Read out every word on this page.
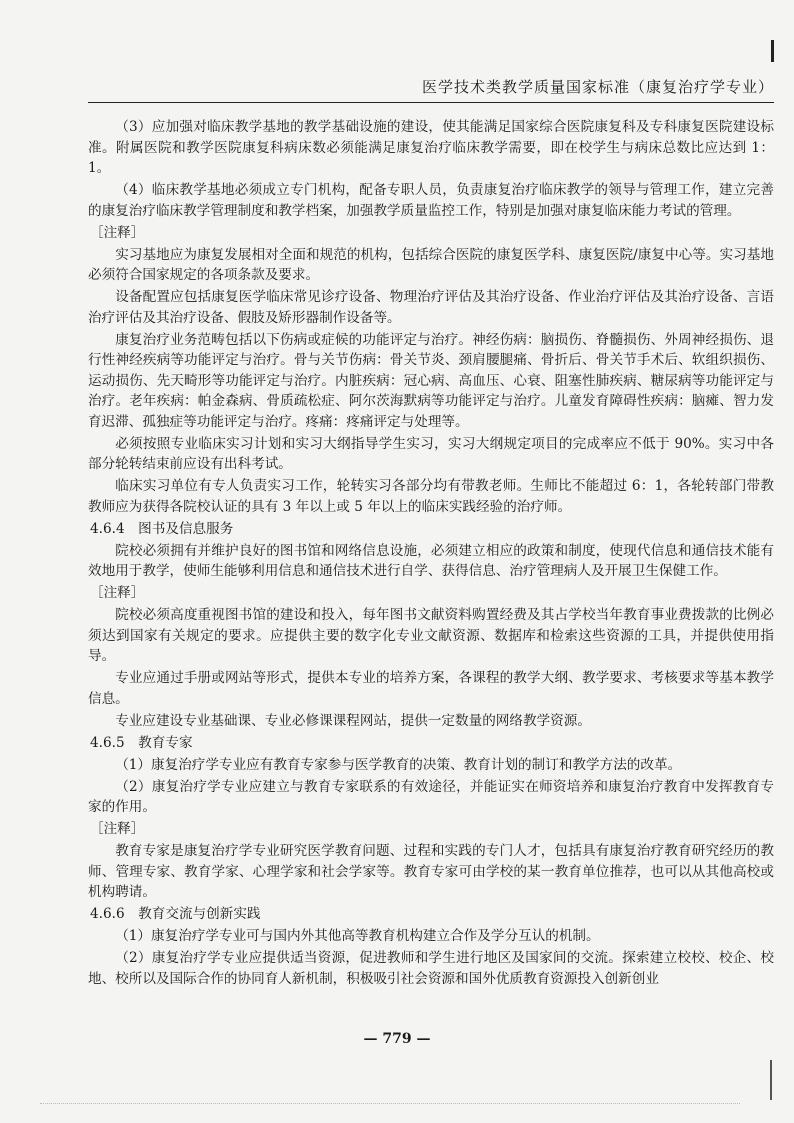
医学技术类教学质量国家标准（康复治疗学专业）

（3）应加强对临床教学基地的教学基础设施的建设，使其能满足国家综合医院康复科及专科康复医院建设标准。附属医院和教学医院康复科病床数必须能满足康复治疗临床教学需要，即在校学生与病床总数比应达到 1：1。

（4）临床教学基地必须成立专门机构，配备专职人员，负责康复治疗临床教学的领导与管理工作，建立完善的康复治疗临床教学管理制度和教学档案，加强教学质量监控工作，特别是加强对康复临床能力考试的管理。

［注释］

实习基地应为康复发展相对全面和规范的机构，包括综合医院的康复医学科、康复医院/康复中心等。实习基地必须符合国家规定的各项条款及要求。

设备配置应包括康复医学临床常见诊疗设备、物理治疗评估及其治疗设备、作业治疗评估及其治疗设备、言语治疗评估及其治疗设备、假肢及矫形器制作设备等。

康复治疗业务范畴包括以下伤病或症候的功能评定与治疗。神经伤病：脑损伤、脊髓损伤、外周神经损伤、退行性神经疾病等功能评定与治疗。骨与关节伤病：骨关节炎、颈肩腰腿痛、骨折后、骨关节手术后、软组织损伤、运动损伤、先天畸形等功能评定与治疗。内脏疾病：冠心病、高血压、心衰、阻塞性肺疾病、糖尿病等功能评定与治疗。老年疾病：帕金森病、骨质疏松症、阿尔茨海默病等功能评定与治疗。儿童发育障碍性疾病：脑瘫、智力发育迟滞、孤独症等功能评定与治疗。疼痛：疼痛评定与处理等。

必须按照专业临床实习计划和实习大纲指导学生实习，实习大纲规定项目的完成率应不低于 90%。实习中各部分轮转结束前应设有出科考试。

临床实习单位有专人负责实习工作，轮转实习各部分均有带教老师。生师比不能超过 6：1，各轮转部门带教教师应为获得各院校认证的具有 3 年以上或 5 年以上的临床实践经验的治疗师。

4.6.4　图书及信息服务

院校必须拥有并维护良好的图书馆和网络信息设施，必须建立相应的政策和制度，使现代信息和通信技术能有效地用于教学，使师生能够利用信息和通信技术进行自学、获得信息、治疗管理病人及开展卫生保健工作。

［注释］

院校必须高度重视图书馆的建设和投入，每年图书文献资料购置经费及其占学校当年教育事业费拨款的比例必须达到国家有关规定的要求。应提供主要的数字化专业文献资源、数据库和检索这些资源的工具，并提供使用指导。

专业应通过手册或网站等形式，提供本专业的培养方案，各课程的教学大纲、教学要求、考核要求等基本教学信息。

专业应建设专业基础课、专业必修课课程网站，提供一定数量的网络教学资源。

4.6.5　教育专家

（1）康复治疗学专业应有教育专家参与医学教育的决策、教育计划的制订和教学方法的改革。

（2）康复治疗学专业应建立与教育专家联系的有效途径，并能证实在师资培养和康复治疗教育中发挥教育专家的作用。

［注释］

教育专家是康复治疗学专业研究医学教育问题、过程和实践的专门人才，包括具有康复治疗教育研究经历的教师、管理专家、教育学家、心理学家和社会学家等。教育专家可由学校的某一教育单位推荐，也可以从其他高校或机构聘请。

4.6.6　教育交流与创新实践

（1）康复治疗学专业可与国内外其他高等教育机构建立合作及学分互认的机制。

（2）康复治疗学专业应提供适当资源，促进教师和学生进行地区及国家间的交流。探索建立校校、校企、校地、校所以及国际合作的协同育人新机制，积极吸引社会资源和国外优质教育资源投入创新创业

— 779 —
